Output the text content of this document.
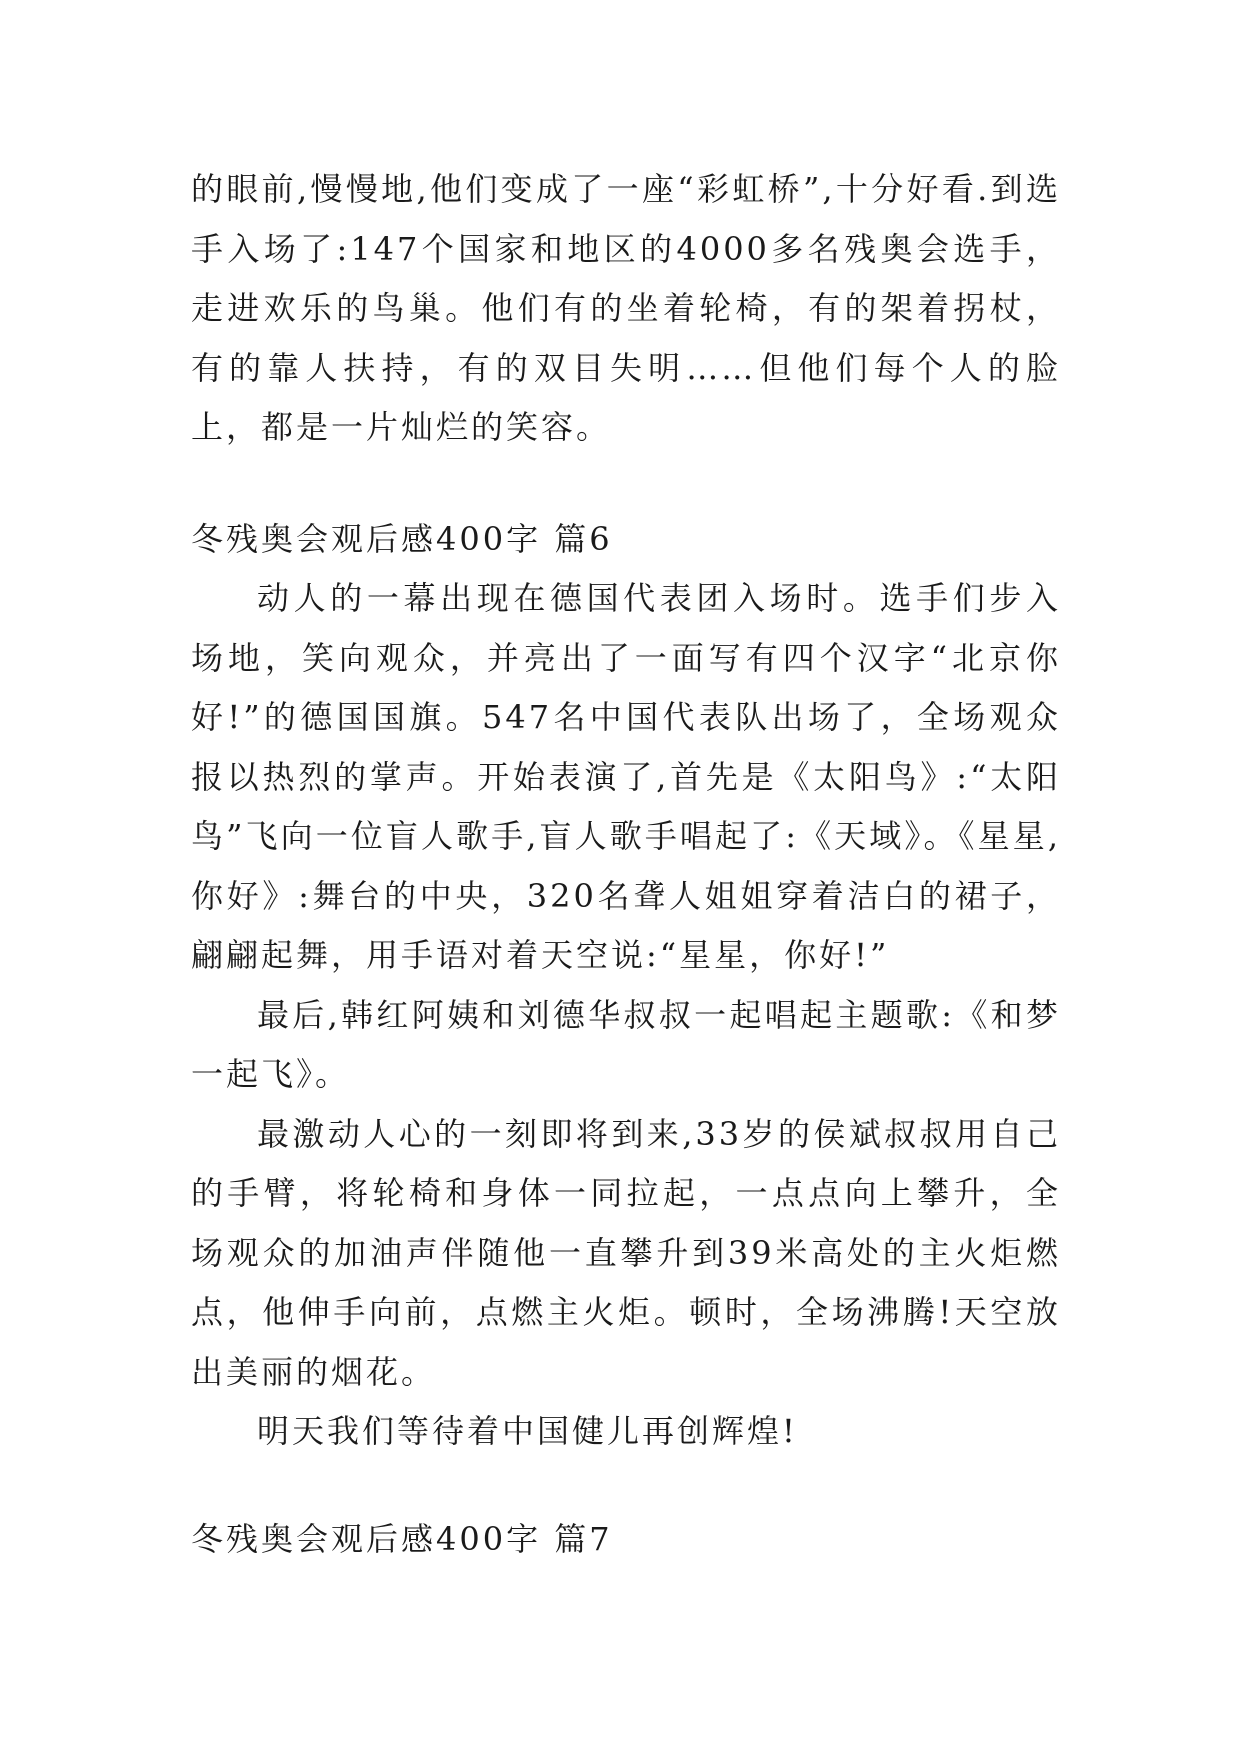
的眼前,慢慢地,他们变成了一座“彩虹桥”,十分好看.到选手入场了:147个国家和地区的4000多名残奥会选手，走进欢乐的鸟巢。他们有的坐着轮椅，有的架着拐杖，有的靠人扶持，有的双目失明……但他们每个人的脸上，都是一片灿烂的笑容。

冬残奥会观后感400字 篇6

动人的一幕出现在德国代表团入场时。选手们步入场地，笑向观众，并亮出了一面写有四个汉字“北京你好!”的德国国旗。547名中国代表队出场了，全场观众报以热烈的掌声。开始表演了,首先是《太阳鸟》:“太阳鸟”飞向一位盲人歌手,盲人歌手唱起了:《天域》。《星星,你好》:舞台的中央，320名聋人姐姐穿着洁白的裙子，翩翩起舞，用手语对着天空说:“星星，你好!”

最后,韩红阿姨和刘德华叔叔一起唱起主题歌:《和梦一起飞》。

最激动人心的一刻即将到来,33岁的侯斌叔叔用自己的手臂，将轮椅和身体一同拉起，一点点向上攀升，全场观众的加油声伴随他一直攀升到39米高处的主火炬燃点，他伸手向前，点燃主火炬。顿时，全场沸腾!天空放出美丽的烟花。

明天我们等待着中国健儿再创辉煌!

冬残奥会观后感400字 篇7
